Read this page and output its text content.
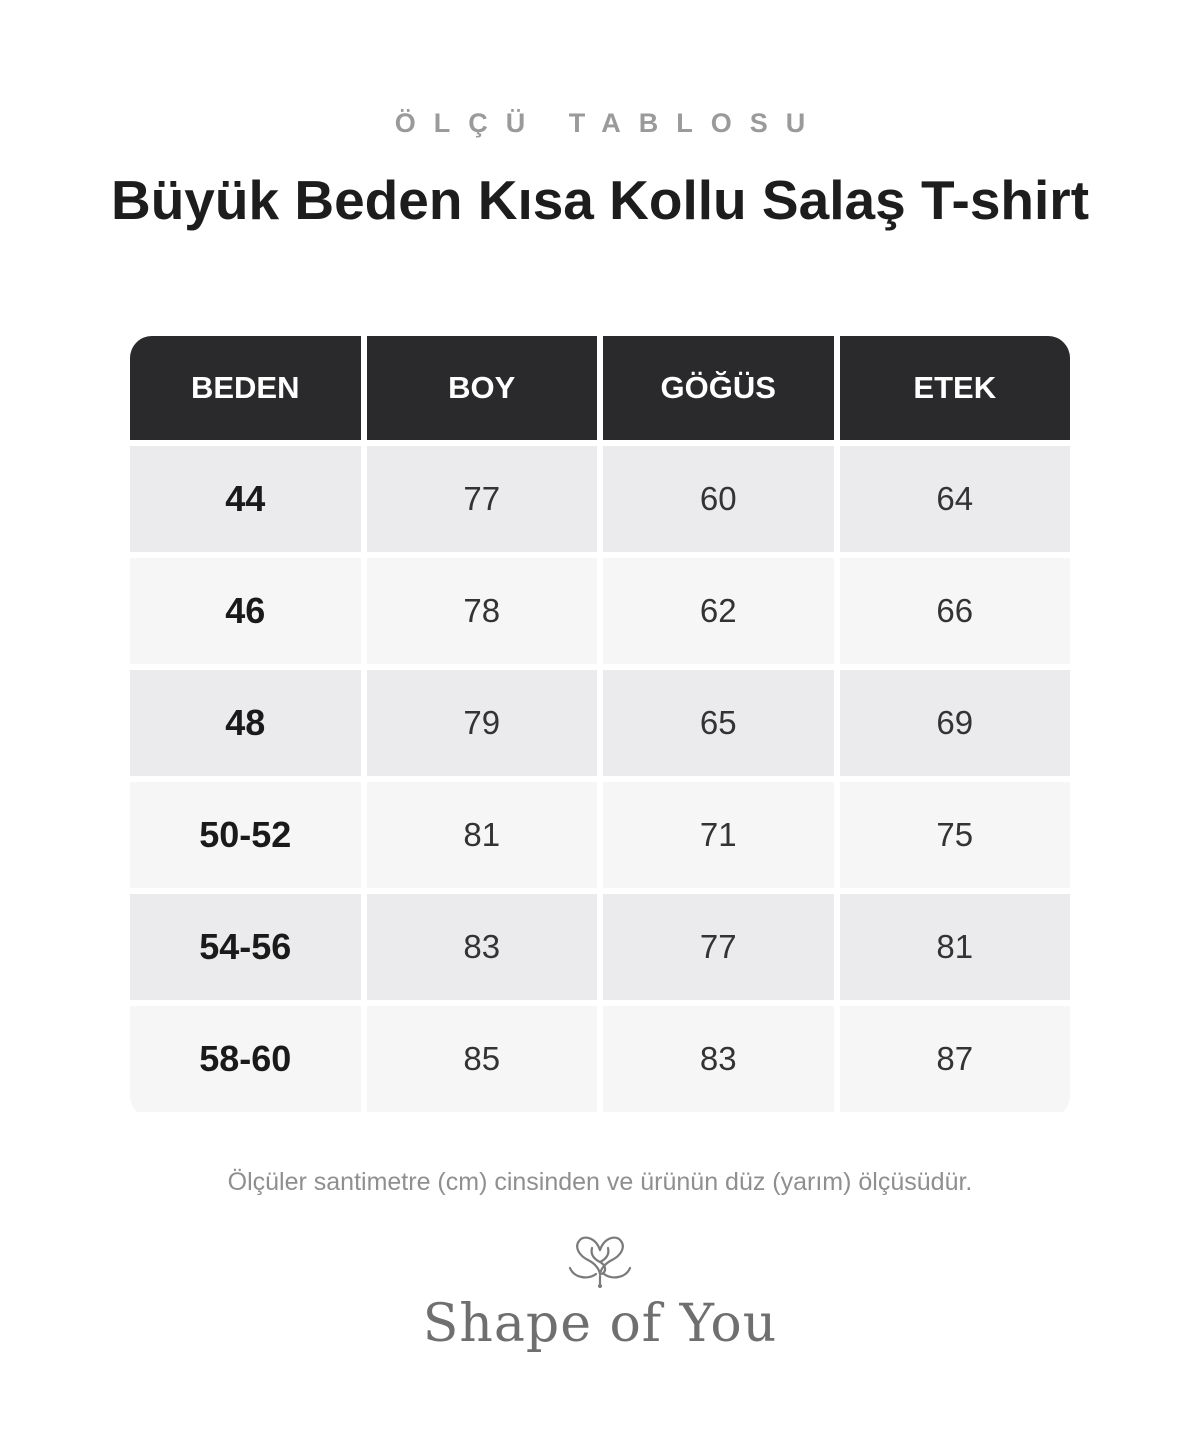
ÖLÇÜ TABLOSU
Büyük Beden Kısa Kollu Salaş T-shirt
BEDEN	BOY	GÖĞÜS	ETEK
44	77	60	64
46	78	62	66
48	79	65	69
50-52	81	71	75
54-56	83	77	81
58-60	85	83	87
Ölçüler santimetre (cm) cinsinden ve ürünün düz (yarım) ölçüsüdür.
Shape of You
